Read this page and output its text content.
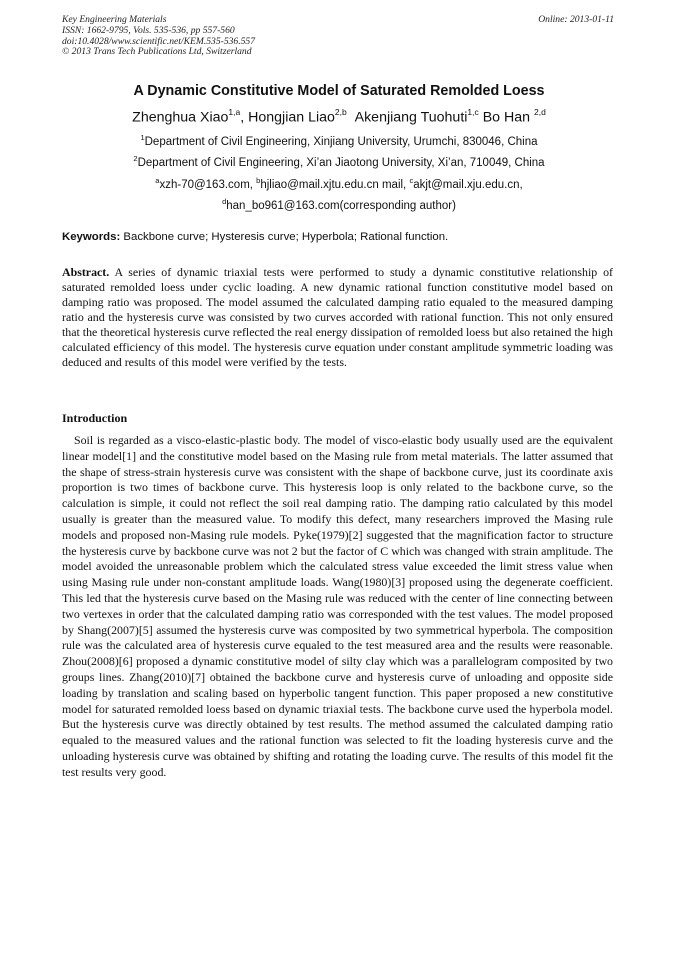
Key Engineering Materials
ISSN: 1662-9795, Vols. 535-536, pp 557-560
doi:10.4028/www.scientific.net/KEM.535-536.557
© 2013 Trans Tech Publications Ltd, Switzerland
Online: 2013-01-11
A Dynamic Constitutive Model of Saturated Remolded Loess
Zhenghua Xiao$^{1,a}$, Hongjian Liao$^{2,b}$ Akenjiang Tuohuti$^{1,c}$ Bo Han $^{2,d}$
$^1$Department of Civil Engineering, Xinjiang University, Urumchi, 830046, China
$^2$Department of Civil Engineering, Xi’an Jiaotong University, Xi’an, 710049, China
$^a$xzh-70@163.com, $^b$hjliao@mail.xjtu.edu.cn mail, $^c$akjt@mail.xju.edu.cn,
$^d$han_bo961@163.com(corresponding author)
Keywords: Backbone curve; Hysteresis curve; Hyperbola; Rational function.
Abstract. A series of dynamic triaxial tests were performed to study a dynamic constitutive relationship of saturated remolded loess under cyclic loading. A new dynamic rational function constitutive model based on damping ratio was proposed. The model assumed the calculated damping ratio equaled to the measured damping ratio and the hysteresis curve was consisted by two curves accorded with rational function. This not only ensured that the theoretical hysteresis curve reflected the real energy dissipation of remolded loess but also retained the high calculated efficiency of this model. The hysteresis curve equation under constant amplitude symmetric loading was deduced and results of this model were verified by the tests.
Introduction
Soil is regarded as a visco-elastic-plastic body. The model of visco-elastic body usually used are the equivalent linear model[1] and the constitutive model based on the Masing rule from metal materials. The latter assumed that the shape of stress-strain hysteresis curve was consistent with the shape of backbone curve, just its coordinate axis proportion is two times of backbone curve. This hysteresis loop is only related to the backbone curve, so the calculation is simple, it could not reflect the soil real damping ratio. The damping ratio calculated by this model usually is greater than the measured value. To modify this defect, many researchers improved the Masing rule models and proposed non-Masing rule models. Pyke(1979)[2] suggested that the magnification factor to structure the hysteresis curve by backbone curve was not 2 but the factor of C which was changed with strain amplitude. The model avoided the unreasonable problem which the calculated stress value exceeded the limit stress value when using Masing rule under non-constant amplitude loads. Wang(1980)[3] proposed using the degenerate coefficient. This led that the hysteresis curve based on the Masing rule was reduced with the center of line connecting between two vertexes in order that the calculated damping ratio was corresponded with the test values. The model proposed by Shang(2007)[5] assumed the hysteresis curve was composited by two symmetrical hyperbola. The composition rule was the calculated area of hysteresis curve equaled to the test measured area and the results were reasonable. Zhou(2008)[6] proposed a dynamic constitutive model of silty clay which was a parallelogram composited by two groups lines. Zhang(2010)[7] obtained the backbone curve and hysteresis curve of unloading and opposite side loading by translation and scaling based on hyperbolic tangent function. This paper proposed a new constitutive model for saturated remolded loess based on dynamic triaxial tests. The backbone curve used the hyperbola model. But the hysteresis curve was directly obtained by test results. The method assumed the calculated damping ratio equaled to the measured values and the rational function was selected to fit the loading hysteresis curve and the unloading hysteresis curve was obtained by shifting and rotating the loading curve. The results of this model fit the test results very good.
